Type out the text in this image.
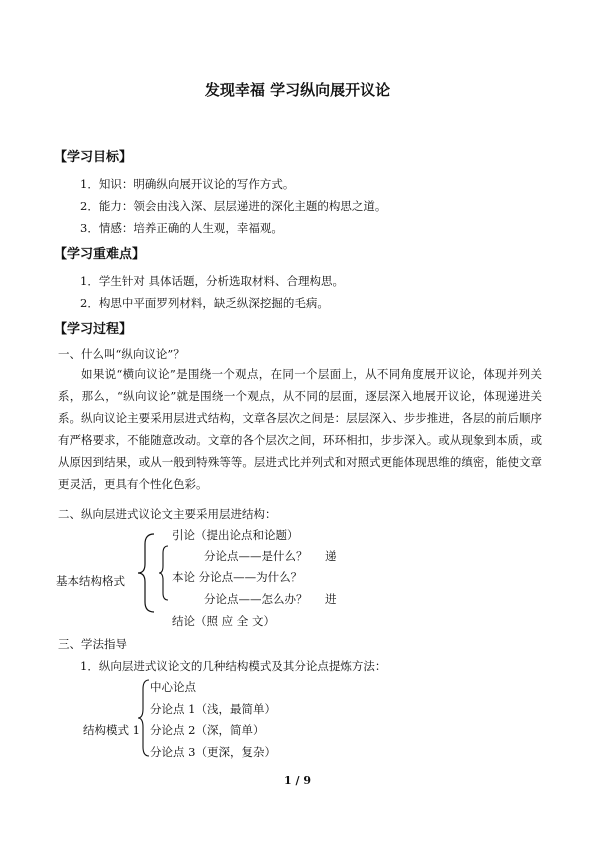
发现幸福 学习纵向展开议论
【学习目标】
1．知识：明确纵向展开议论的写作方式。
2．能力：领会由浅入深、层层递进的深化主题的构思之道。
3．情感：培养正确的人生观，幸福观。
【学习重难点】
1．学生针对 具体话题，分析选取材料、合理构思。
2．构思中平面罗列材料，缺乏纵深挖掘的毛病。
【学习过程】
一、什么叫“纵向议论”？
如果说“横向议论”是围绕一个观点，在同一个层面上，从不同角度展开议论，体现并列关系，那么，“纵向议论”就是围绕一个观点，从不同的层面，逐层深入地展开议论，体现递进关系。纵向议论主要采用层进式结构，文章各层次之间是：层层深入、步步推进，各层的前后顺序有严格要求，不能随意改动。文章的各个层次之间，环环相扣，步步深入。或从现象到本质，或从原因到结果，或从一般到特殊等等。层进式比并列式和对照式更能体现思维的缜密，能使文章更灵活，更具有个性化色彩。
二、纵向层进式议论文主要采用层进结构：
基本结构格式
引论（提出论点和论题）
分论点——是什么？ 递
本论 分论点——为什么？
分论点——怎么办？ 进
结论（照 应 全 文）
三、学法指导
1．纵向层进式议论文的几种结构模式及其分论点提炼方法：
中心论点
分论点 1（浅，最简单）
结构模式 1 分论点 2（深，简单）
分论点 3（更深，复杂）
1 / 9
